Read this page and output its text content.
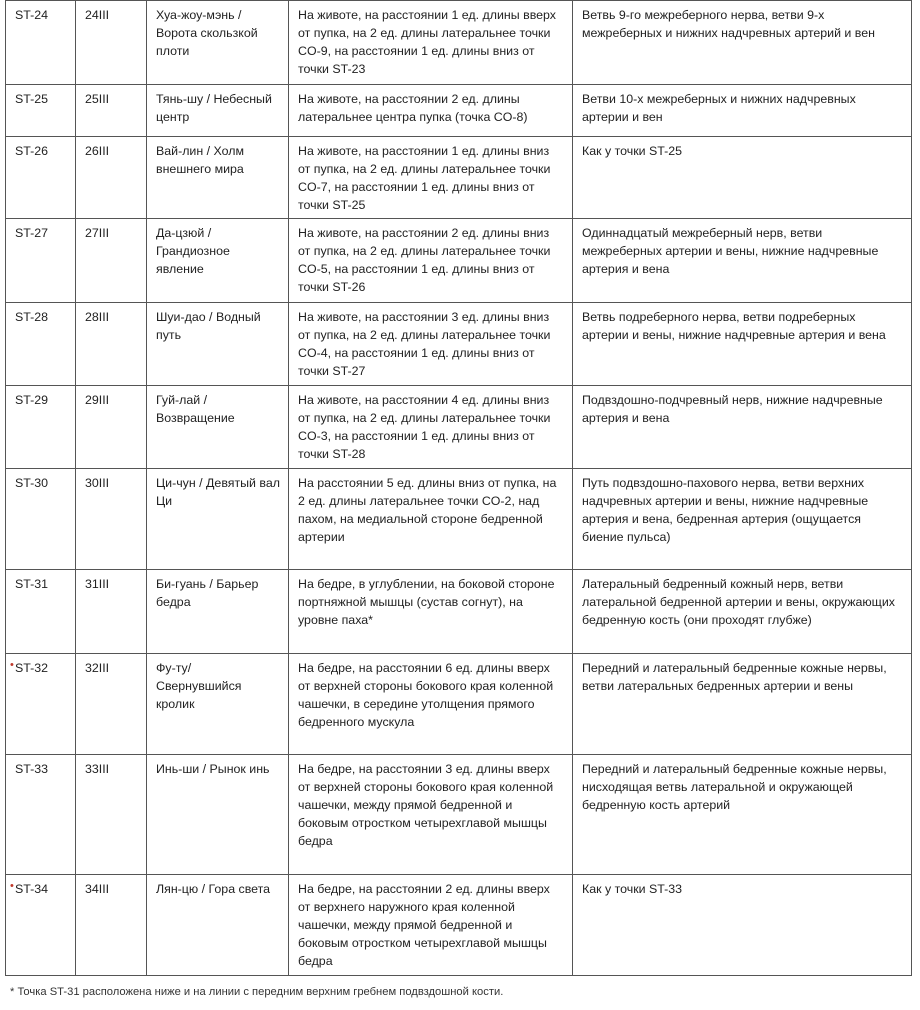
ST-24	24III	Хуа-жоу-мэнь / Ворота скользкой плоти	На животе, на расстоянии 1 ед. длины вверх от пупка, на 2 ед. длины латеральнее точки CO-9, на расстоянии 1 ед. длины вниз от точки ST-23	Ветвь 9-го межреберного нерва, ветви 9-х межреберных и нижних надчревных артерий и вен
ST-25	25III	Тянь-шу / Небесный центр	На животе, на расстоянии 2 ед. длины латеральнее центра пупка (точка CO-8)	Ветви 10-х межреберных и нижних надчревных артерии и вен
ST-26	26III	Вай-лин / Холм внешнего мира	На животе, на расстоянии 1 ед. длины вниз от пупка, на 2 ед. длины латеральнее точки CO-7, на расстоянии 1 ед. длины вниз от точки ST-25	Как у точки ST-25
ST-27	27III	Да-цзюй / Грандиозное явление	На животе, на расстоянии 2 ед. длины вниз от пупка, на 2 ед. длины латеральнее точки CO-5, на расстоянии 1 ед. длины вниз от точки ST-26	Одиннадцатый межреберный нерв, ветви межреберных артерии и вены, нижние надчревные артерия и вена
ST-28	28III	Шуи-дао / Водный путь	На животе, на расстоянии 3 ед. длины вниз от пупка, на 2 ед. длины латеральнее точки CO-4, на расстоянии 1 ед. длины вниз от точки ST-27	Ветвь подреберного нерва, ветви подреберных артерии и вены, нижние надчревные артерия и вена
ST-29	29III	Гуй-лай / Возвращение	На животе, на расстоянии 4 ед. длины вниз от пупка, на 2 ед. длины латеральнее точки CO-3, на расстоянии 1 ед. длины вниз от точки ST-28	Подвздошно-подчревный нерв, нижние надчревные артерия и вена
ST-30	30III	Ци-чун / Девятый вал Ци	На расстоянии 5 ед. длины вниз от пупка, на 2 ед. длины латеральнее точки CO-2, над пахом, на медиальной стороне бедренной артерии	Путь подвздошно-пахового нерва, ветви верхних надчревных артерии и вены, нижние надчревные артерия и вена, бедренная артерия (ощущается биение пульса)
ST-31	31III	Би-гуань / Барьер бедра	На бедре, в углублении, на боковой стороне портняжной мышцы (сустав согнут), на уровне паха*	Латеральный бедренный кожный нерв, ветви латеральной бедренной артерии и вены, окружающих бедренную кость (они проходят глубже)

• ST-32	32III	Фу-ту/ Свернувшийся кролик	На бедре, на расстоянии 6 ед. длины вверх от верхней стороны бокового края коленной чашечки, в середине утолщения прямого бедренного мускула	Передний и латеральный бедренные кожные нервы, ветви латеральных бедренных артерии и вены
ST-33	33III	Инь-ши / Рынок инь	На бедре, на расстоянии 3 ед. длины вверх от верхней стороны бокового края коленной чашечки, между прямой бедренной и боковым отростком четырехглавой мышцы бедра	Передний и латеральный бедренные кожные нервы, нисходящая ветвь латеральной и окружающей бедренную кость артерий

• ST-34	34III	Лян-цю / Гора света	На бедре, на расстоянии 2 ед. длины вверх от верхнего наружного края коленной чашечки, между прямой бедренной и боковым отростком четырехглавой мышцы бедра	Как у точки ST-33
* Точка ST-31 расположена ниже и на линии с передним верхним гребнем подвздошной кости.
